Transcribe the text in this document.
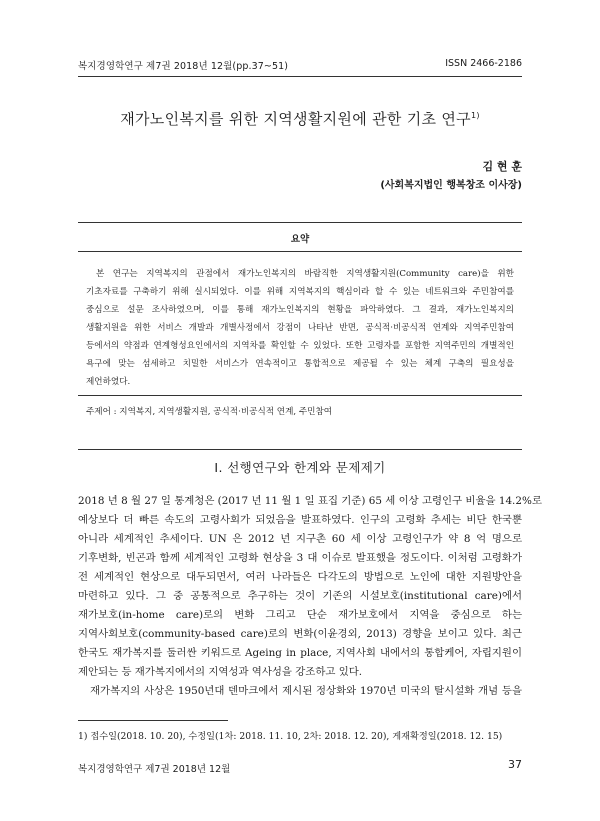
복지경영학연구 제7권 2018년 12월(pp.37~51)	ISSN 2466-2186
재가노인복지를 위한 지역생활지원에 관한 기초 연구$^{1)}$
김 현 훈
(사회복지법인 행복창조 이사장)
요약
본 연구는 지역복지의 관점에서 재가노인복지의 바람직한 지역생활지원(Community care)을 위한
기초자료를 구축하기 위해 실시되었다. 이를 위해 지역복지의 핵심이라 할 수 있는 네트워크와 주민참여를
중심으로 설문 조사하였으며, 이를 통해 재가노인복지의 현황을 파악하였다. 그 결과, 재가노인복지의
생활지원을 위한 서비스 개발과 개별사정에서 강점이 나타난 반면, 공식적·비공식적 연계와 지역주민참여
등에서의 약점과 연계형성요인에서의 지역차를 확인할 수 있었다. 또한 고령자를 포함한 지역주민의 개별적인
욕구에 맞는 섬세하고 치밀한 서비스가 연속적이고 통합적으로 제공될 수 있는 체계 구축의 필요성을
제언하였다.
주제어 : 지역복지, 지역생활지원, 공식적·비공식적 연계, 주민참여
Ⅰ. 선행연구와 한계와 문제제기
2018 년 8 월 27 일 통계청은 (2017 년 11 월 1 일 표집 기준) 65 세 이상 고령인구 비율을 14.2%로
예상보다 더 빠른 속도의 고령사회가 되었음을 발표하였다. 인구의 고령화 추세는 비단 한국뿐
아니라 세계적인 추세이다. UN 은 2012 년 지구촌 60 세 이상 고령인구가 약 8 억 명으로
기후변화, 빈곤과 함께 세계적인 고령화 현상을 3 대 이슈로 발표했을 정도이다. 이처럼 고령화가
전 세계적인 현상으로 대두되면서, 여러 나라들은 다각도의 방법으로 노인에 대한 지원방안을
마련하고 있다. 그 중 공통적으로 추구하는 것이 기존의 시설보호(institutional care)에서
재가보호(in-home care)로의 변화 그리고 단순 재가보호에서 지역을 중심으로 하는
지역사회보호(community-based care)로의 변화(이윤경외, 2013) 경향을 보이고 있다. 최근
한국도 재가복지를 둘러싼 키워드로 Ageing in place, 지역사회 내에서의 통합케어, 자립지원이
제안되는 등 재가복지에서의 지역성과 역사성을 강조하고 있다.
재가복지의 사상은 1950년대 덴마크에서 제시된 정상화와 1970년 미국의 탈시설화 개념 등을
1) 접수일(2018. 10. 20), 수정일(1차: 2018. 11. 10, 2차: 2018. 12. 20), 게재확정일(2018. 12. 15)
복지경영학연구 제7권 2018년 12월	37
